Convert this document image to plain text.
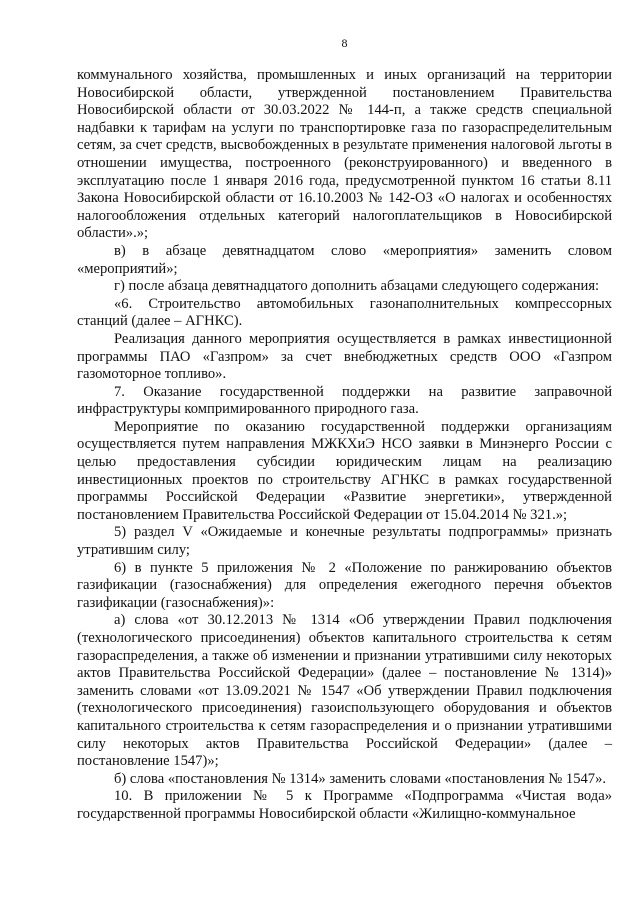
8

коммунального хозяйства, промышленных и иных организаций на территории Новосибирской области, утвержденной постановлением Правительства Новосибирской области от 30.03.2022 № 144-п, а также средств специальной надбавки к тарифам на услуги по транспортировке газа по газораспределительным сетям, за счет средств, высвобожденных в результате применения налоговой льготы в отношении имущества, построенного (реконструированного) и введенного в эксплуатацию после 1 января 2016 года, предусмотренной пунктом 16 статьи 8.11 Закона Новосибирской области от 16.10.2003 № 142-ОЗ «О налогах и особенностях налогообложения отдельных категорий налогоплательщиков в Новосибирской области».»;

в) в абзаце девятнадцатом слово «мероприятия» заменить словом «мероприятий»;

г) после абзаца девятнадцатого дополнить абзацами следующего содержания:

«6. Строительство автомобильных газонаполнительных компрессорных станций (далее – АГНКС).

Реализация данного мероприятия осуществляется в рамках инвестиционной программы ПАО «Газпром» за счет внебюджетных средств ООО «Газпром газомоторное топливо».

7. Оказание государственной поддержки на развитие заправочной инфраструктуры компримированного природного газа.

Мероприятие по оказанию государственной поддержки организациям осуществляется путем направления МЖКХиЭ НСО заявки в Минэнерго России с целью предоставления субсидии юридическим лицам на реализацию инвестиционных проектов по строительству АГНКС в рамках государственной программы Российской Федерации «Развитие энергетики», утвержденной постановлением Правительства Российской Федерации от 15.04.2014 № 321.»;

5) раздел V «Ожидаемые и конечные результаты подпрограммы» признать утратившим силу;

6) в пункте 5 приложения № 2 «Положение по ранжированию объектов газификации (газоснабжения) для определения ежегодного перечня объектов газификации (газоснабжения)»:

а) слова «от 30.12.2013 № 1314 «Об утверждении Правил подключения (технологического присоединения) объектов капитального строительства к сетям газораспределения, а также об изменении и признании утратившими силу некоторых актов Правительства Российской Федерации» (далее – постановление № 1314)» заменить словами «от 13.09.2021 № 1547 «Об утверждении Правил подключения (технологического присоединения) газоиспользующего оборудования и объектов капитального строительства к сетям газораспределения и о признании утратившими силу некоторых актов Правительства Российской Федерации» (далее – постановление 1547)»;

б) слова «постановления № 1314» заменить словами «постановления № 1547».

10. В приложении № 5 к Программе «Подпрограмма «Чистая вода» государственной программы Новосибирской области «Жилищно-коммунальное
